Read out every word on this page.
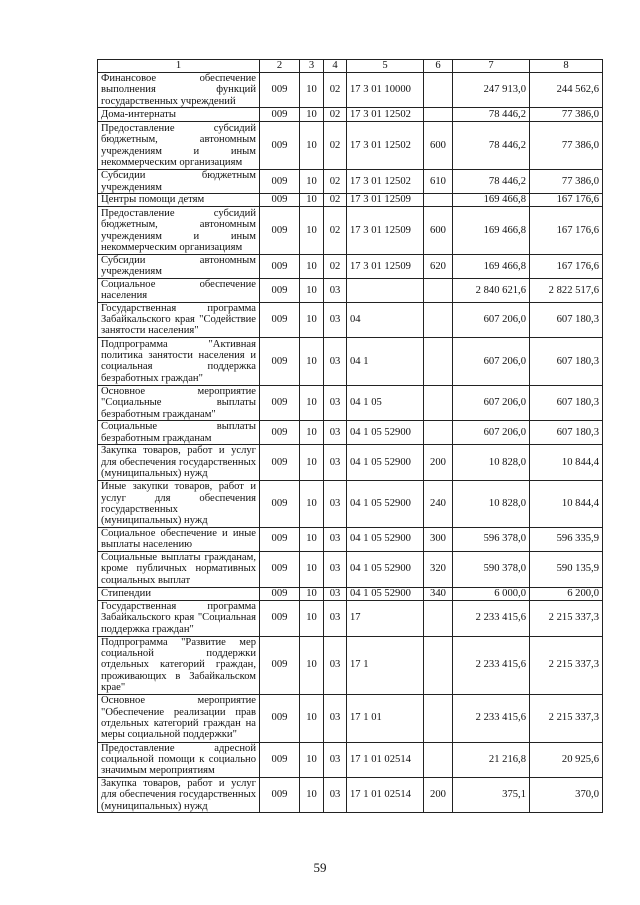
1	2	3	4	5	6	7	8
Финансовое обеспечение выполнения функций государственных учреждений	009	10	02	17 3 01 10000		247 913,0	244 562,6
Дома-интернаты	009	10	02	17 3 01 12502		78 446,2	77 386,0
Предоставление субсидий бюджетным, автономным учреждениям и иным некоммерческим организациям	009	10	02	17 3 01 12502	600	78 446,2	77 386,0
Субсидии бюджетным учреждениям	009	10	02	17 3 01 12502	610	78 446,2	77 386,0
Центры помощи детям	009	10	02	17 3 01 12509		169 466,8	167 176,6
Предоставление субсидий бюджетным, автономным учреждениям и иным некоммерческим организациям	009	10	02	17 3 01 12509	600	169 466,8	167 176,6
Субсидии автономным учреждениям	009	10	02	17 3 01 12509	620	169 466,8	167 176,6
Социальное обеспечение населения	009	10	03			2 840 621,6	2 822 517,6
Государственная программа Забайкальского края "Содействие занятости населения"	009	10	03	04		607 206,0	607 180,3
Подпрограмма "Активная политика занятости населения и социальная поддержка безработных граждан"	009	10	03	04 1		607 206,0	607 180,3
Основное мероприятие "Социальные выплаты безработным гражданам"	009	10	03	04 1 05		607 206,0	607 180,3
Социальные выплаты безработным гражданам	009	10	03	04 1 05 52900		607 206,0	607 180,3
Закупка товаров, работ и услуг для обеспечения государственных (муниципальных) нужд	009	10	03	04 1 05 52900	200	10 828,0	10 844,4
Иные закупки товаров, работ и услуг для обеспечения государственных (муниципальных) нужд	009	10	03	04 1 05 52900	240	10 828,0	10 844,4
Социальное обеспечение и иные выплаты населению	009	10	03	04 1 05 52900	300	596 378,0	596 335,9
Социальные выплаты гражданам, кроме публичных нормативных социальных выплат	009	10	03	04 1 05 52900	320	590 378,0	590 135,9
Стипендии	009	10	03	04 1 05 52900	340	6 000,0	6 200,0
Государственная программа Забайкальского края "Социальная поддержка граждан"	009	10	03	17		2 233 415,6	2 215 337,3
Подпрограмма "Развитие мер социальной поддержки отдельных категорий граждан, проживающих в Забайкальском крае"	009	10	03	17 1		2 233 415,6	2 215 337,3
Основное мероприятие "Обеспечение реализации прав отдельных категорий граждан на меры социальной поддержки"	009	10	03	17 1 01		2 233 415,6	2 215 337,3
Предоставление адресной социальной помощи к социально значимым мероприятиям	009	10	03	17 1 01 02514		21 216,8	20 925,6
Закупка товаров, работ и услуг для обеспечения государственных (муниципальных) нужд	009	10	03	17 1 01 02514	200	375,1	370,0
59
